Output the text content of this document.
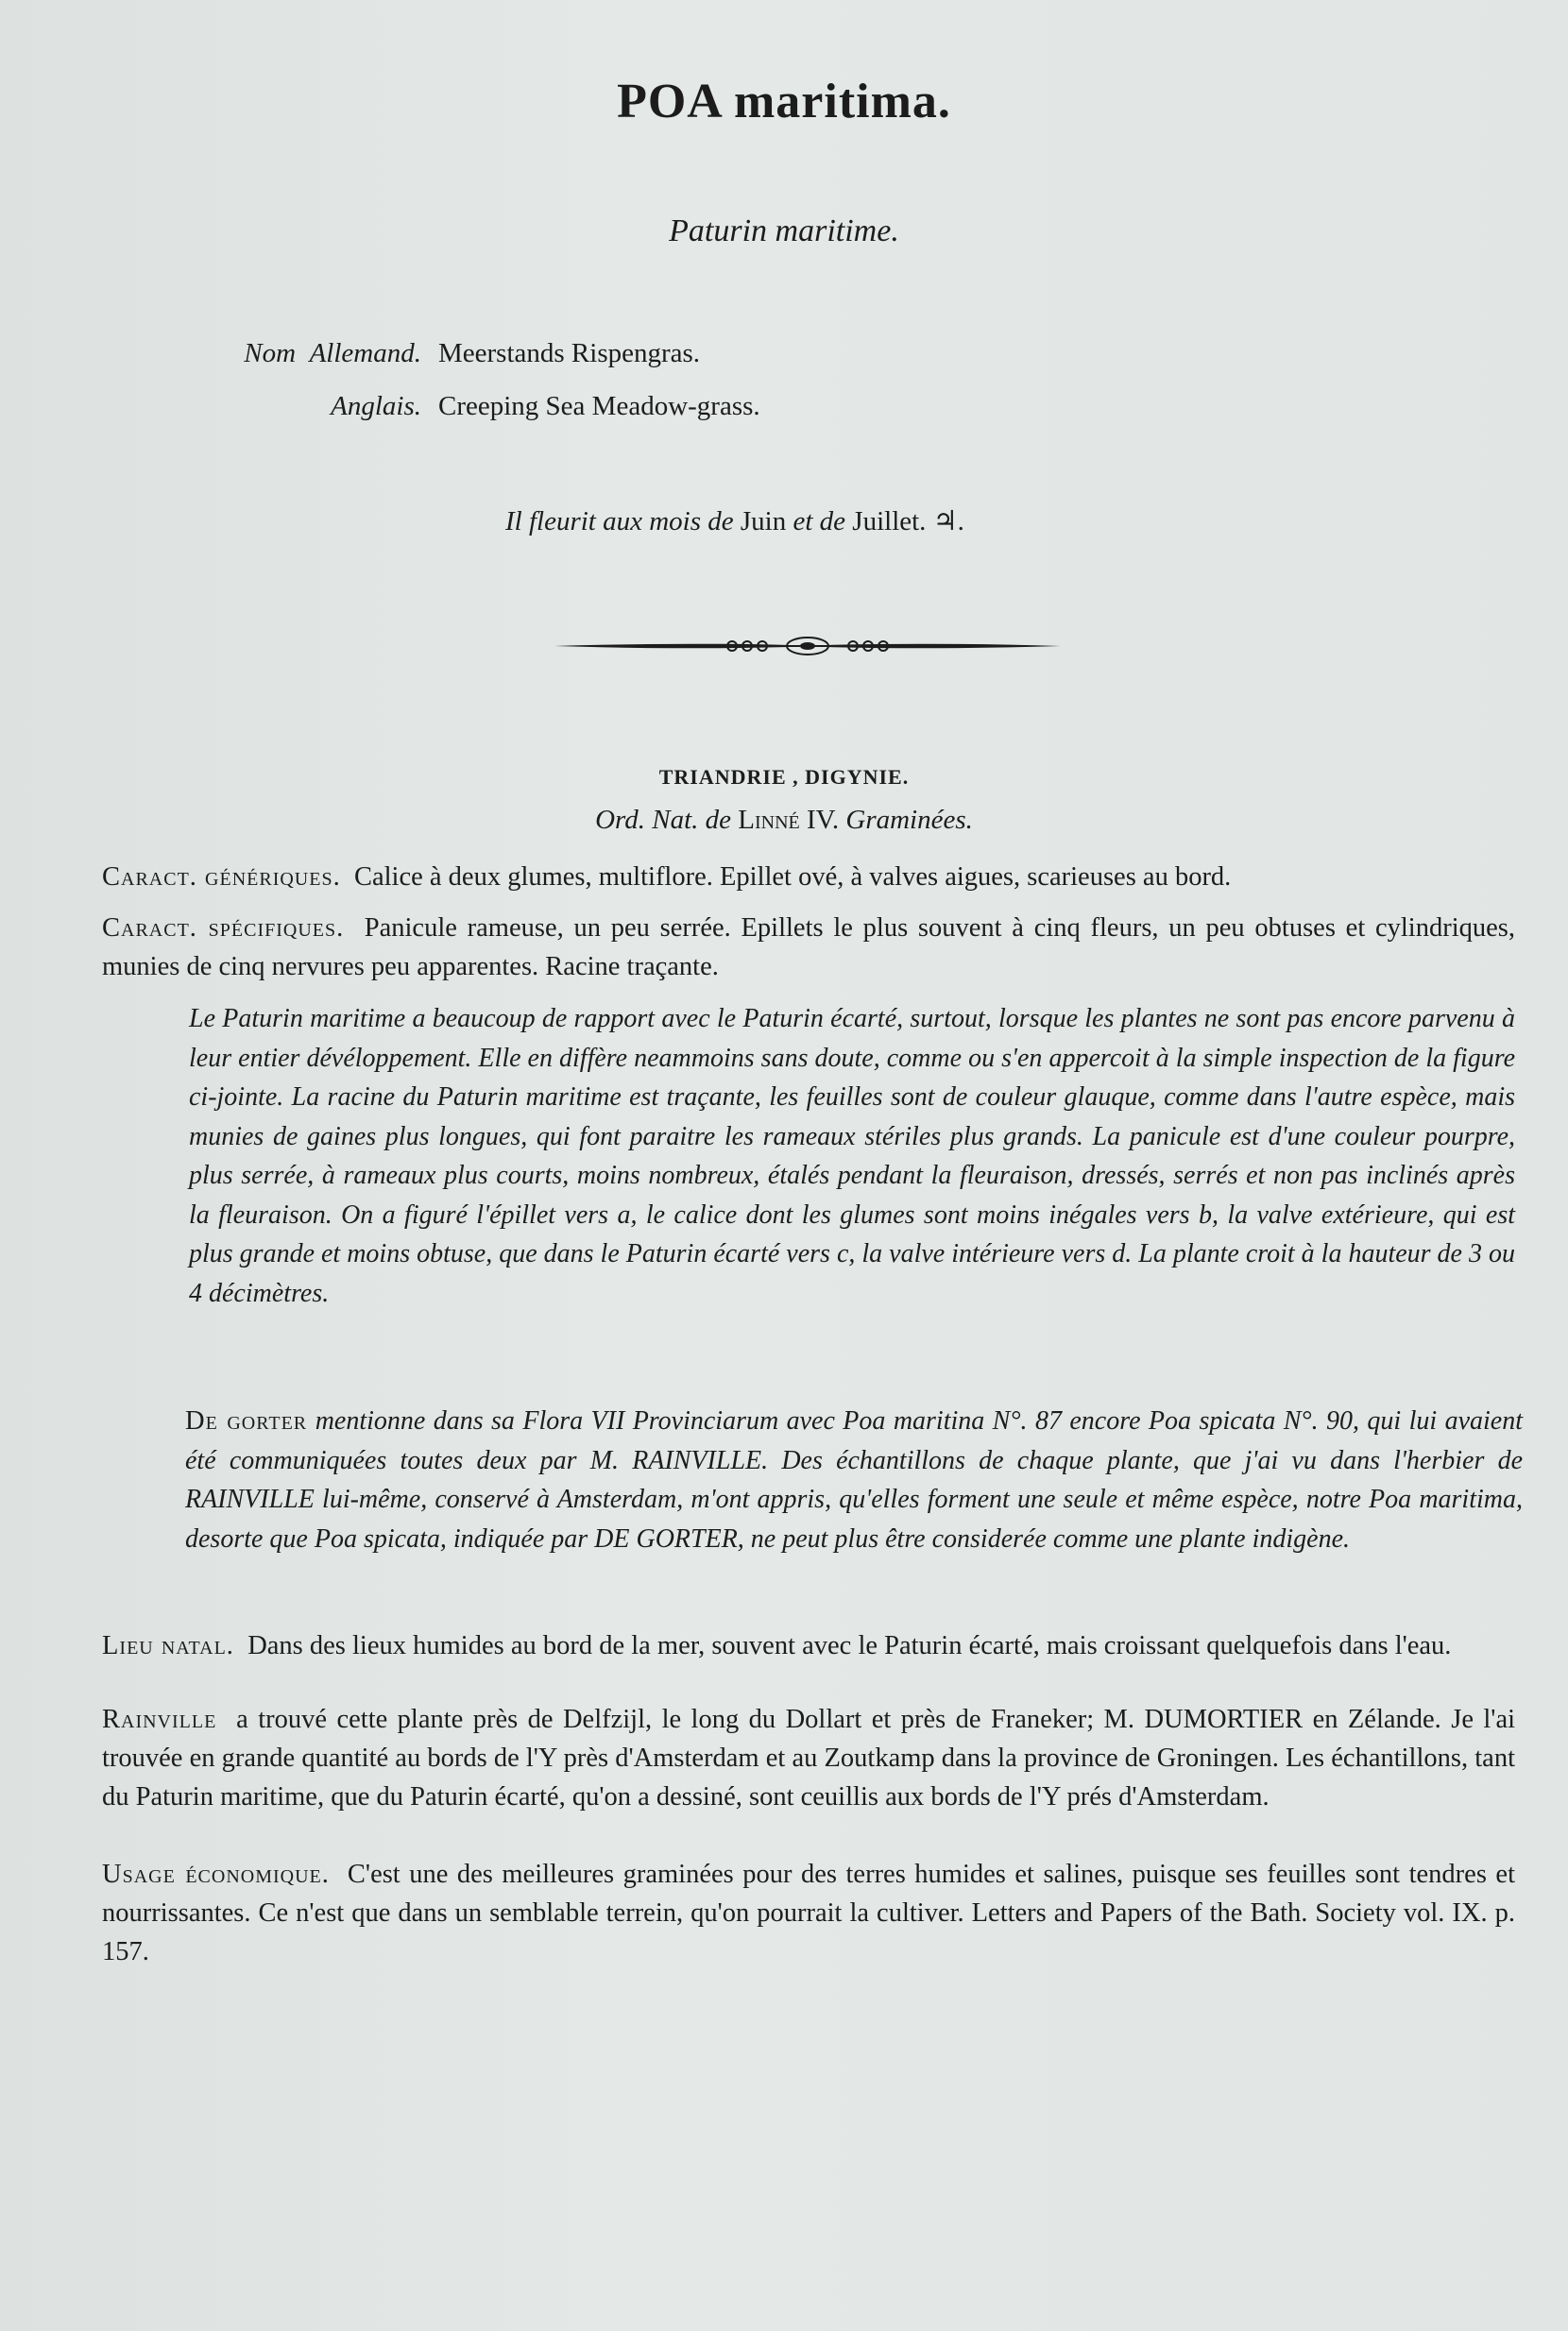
POA maritima.
Paturin maritime.
Nom Allemand. Meerstands Rispengras.
Anglais. Creeping Sea Meadow-grass.
Il fleurit aux mois de Juin et de Juillet. ♃.
TRIANDRIE , DIGYNIE.
Ord. Nat. de Linné IV. Graminées.
Caract. génériques. Calice à deux glumes, multiflore. Epillet ové, à valves aigues, scarieuses au bord.
Caract. spécifiques. Panicule rameuse, un peu serrée. Epillets le plus souvent à cinq fleurs, un peu obtuses et cylindriques, munies de cinq nervures peu apparentes. Racine traçante.
Le Paturin maritime a beaucoup de rapport avec le Paturin écarté, surtout, lorsque les plantes ne sont pas encore parvenu à leur entier dévéloppement. Elle en diffère neammoins sans doute, comme ou s'en appercoit à la simple inspection de la figure ci-jointe. La racine du Paturin maritime est traçante, les feuilles sont de couleur glauque, comme dans l'autre espèce, mais munies de gaines plus longues, qui font paraitre les rameaux stériles plus grands. La panicule est d'une couleur pourpre, plus serrée, à rameaux plus courts, moins nombreux, étalés pendant la fleuraison, dressés, serrés et non pas inclinés après la fleuraison. On a figuré l'épillet vers a, le calice dont les glumes sont moins inégales vers b, la valve extérieure, qui est plus grande et moins obtuse, que dans le Paturin écarté vers c, la valve intérieure vers d. La plante croit à la hauteur de 3 ou 4 décimètres.
De gorter mentionne dans sa Flora VII Provinciarum avec Poa maritina N°. 87 encore Poa spicata N°. 90, qui lui avaient été communiquées toutes deux par M. RAINVILLE. Des échantillons de chaque plante, que j'ai vu dans l'herbier de RAINVILLE lui-même, conservé à Amsterdam, m'ont appris, qu'elles forment une seule et même espèce, notre Poa maritima, desorte que Poa spicata, indiquée par DE GORTER, ne peut plus être considerée comme une plante indigène.
Lieu natal. Dans des lieux humides au bord de la mer, souvent avec le Paturin écarté, mais croissant quelquefois dans l'eau.
Rainville a trouvé cette plante près de Delfzijl, le long du Dollart et près de Franeker; M. DUMORTIER en Zélande. Je l'ai trouvée en grande quantité au bords de l'Y près d'Amsterdam et au Zoutkamp dans la province de Groningen. Les échantillons, tant du Paturin maritime, que du Paturin écarté, qu'on a dessiné, sont ceuillis aux bords de l'Y prés d'Amsterdam.
Usage économique. C'est une des meilleures graminées pour des terres humides et salines, puisque ses feuilles sont tendres et nourrissantes. Ce n'est que dans un semblable terrein, qu'on pourrait la cultiver. Letters and Papers of the Bath. Society vol. IX. p. 157.
